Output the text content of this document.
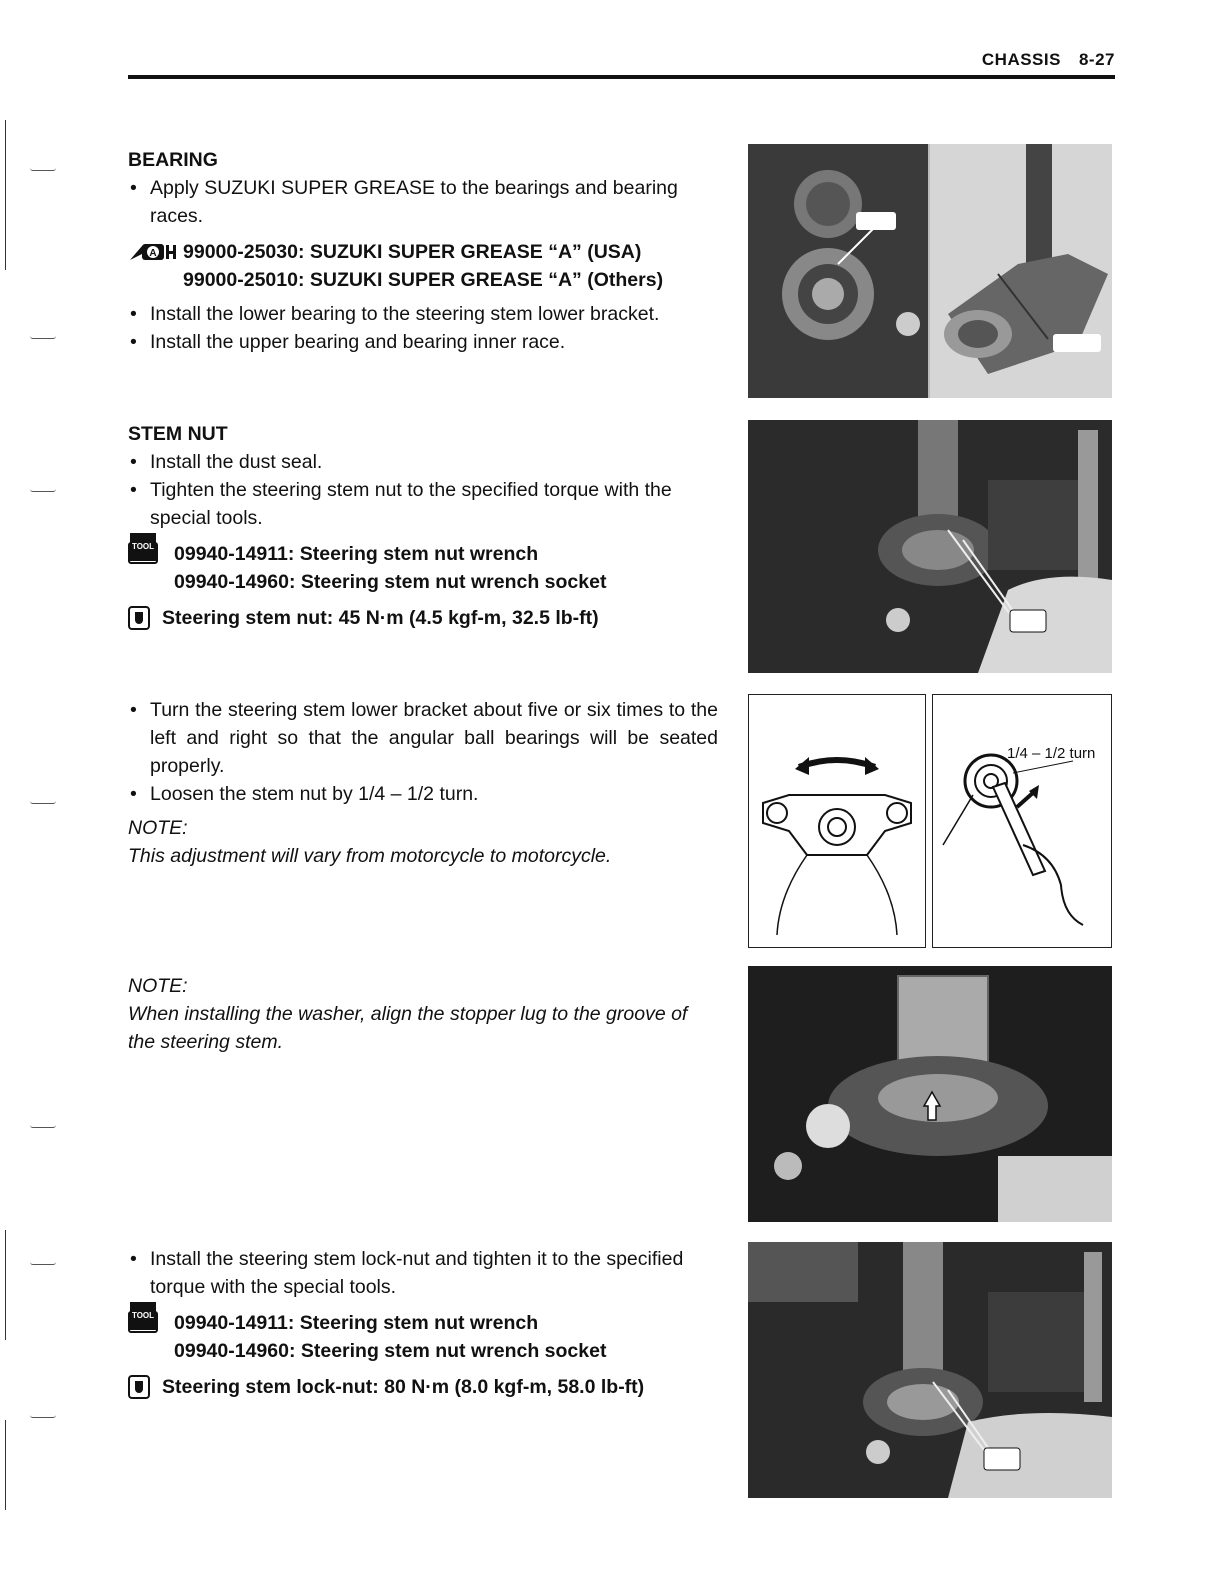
CHASSIS 8-27
BEARING
• Apply SUZUKI SUPER GREASE to the bearings and bearing races.
A 99000-25030: SUZUKI SUPER GREASE “A” (USA)
99000-25010: SUZUKI SUPER GREASE “A” (Others)
• Install the lower bearing to the steering stem lower bracket.
• Install the upper bearing and bearing inner race.
STEM NUT
• Install the dust seal.
• Tighten the steering stem nut to the specified torque with the special tools.
TOOL 09940-14911: Steering stem nut wrench
09940-14960: Steering stem nut wrench socket
Steering stem nut: 45 N·m (4.5 kgf-m, 32.5 lb-ft)
• Turn the steering stem lower bracket about five or six times to the left and right so that the angular ball bearings will be seated properly.
• Loosen the stem nut by 1/4 – 1/2 turn.
NOTE:
This adjustment will vary from motorcycle to motorcycle.
NOTE:
When installing the washer, align the stopper lug to the groove of the steering stem.
• Install the steering stem lock-nut and tighten it to the specified torque with the special tools.
TOOL 09940-14911: Steering stem nut wrench
09940-14960: Steering stem nut wrench socket
Steering stem lock-nut: 80 N·m (8.0 kgf-m, 58.0 lb-ft)
1/4 – 1/2 turn
